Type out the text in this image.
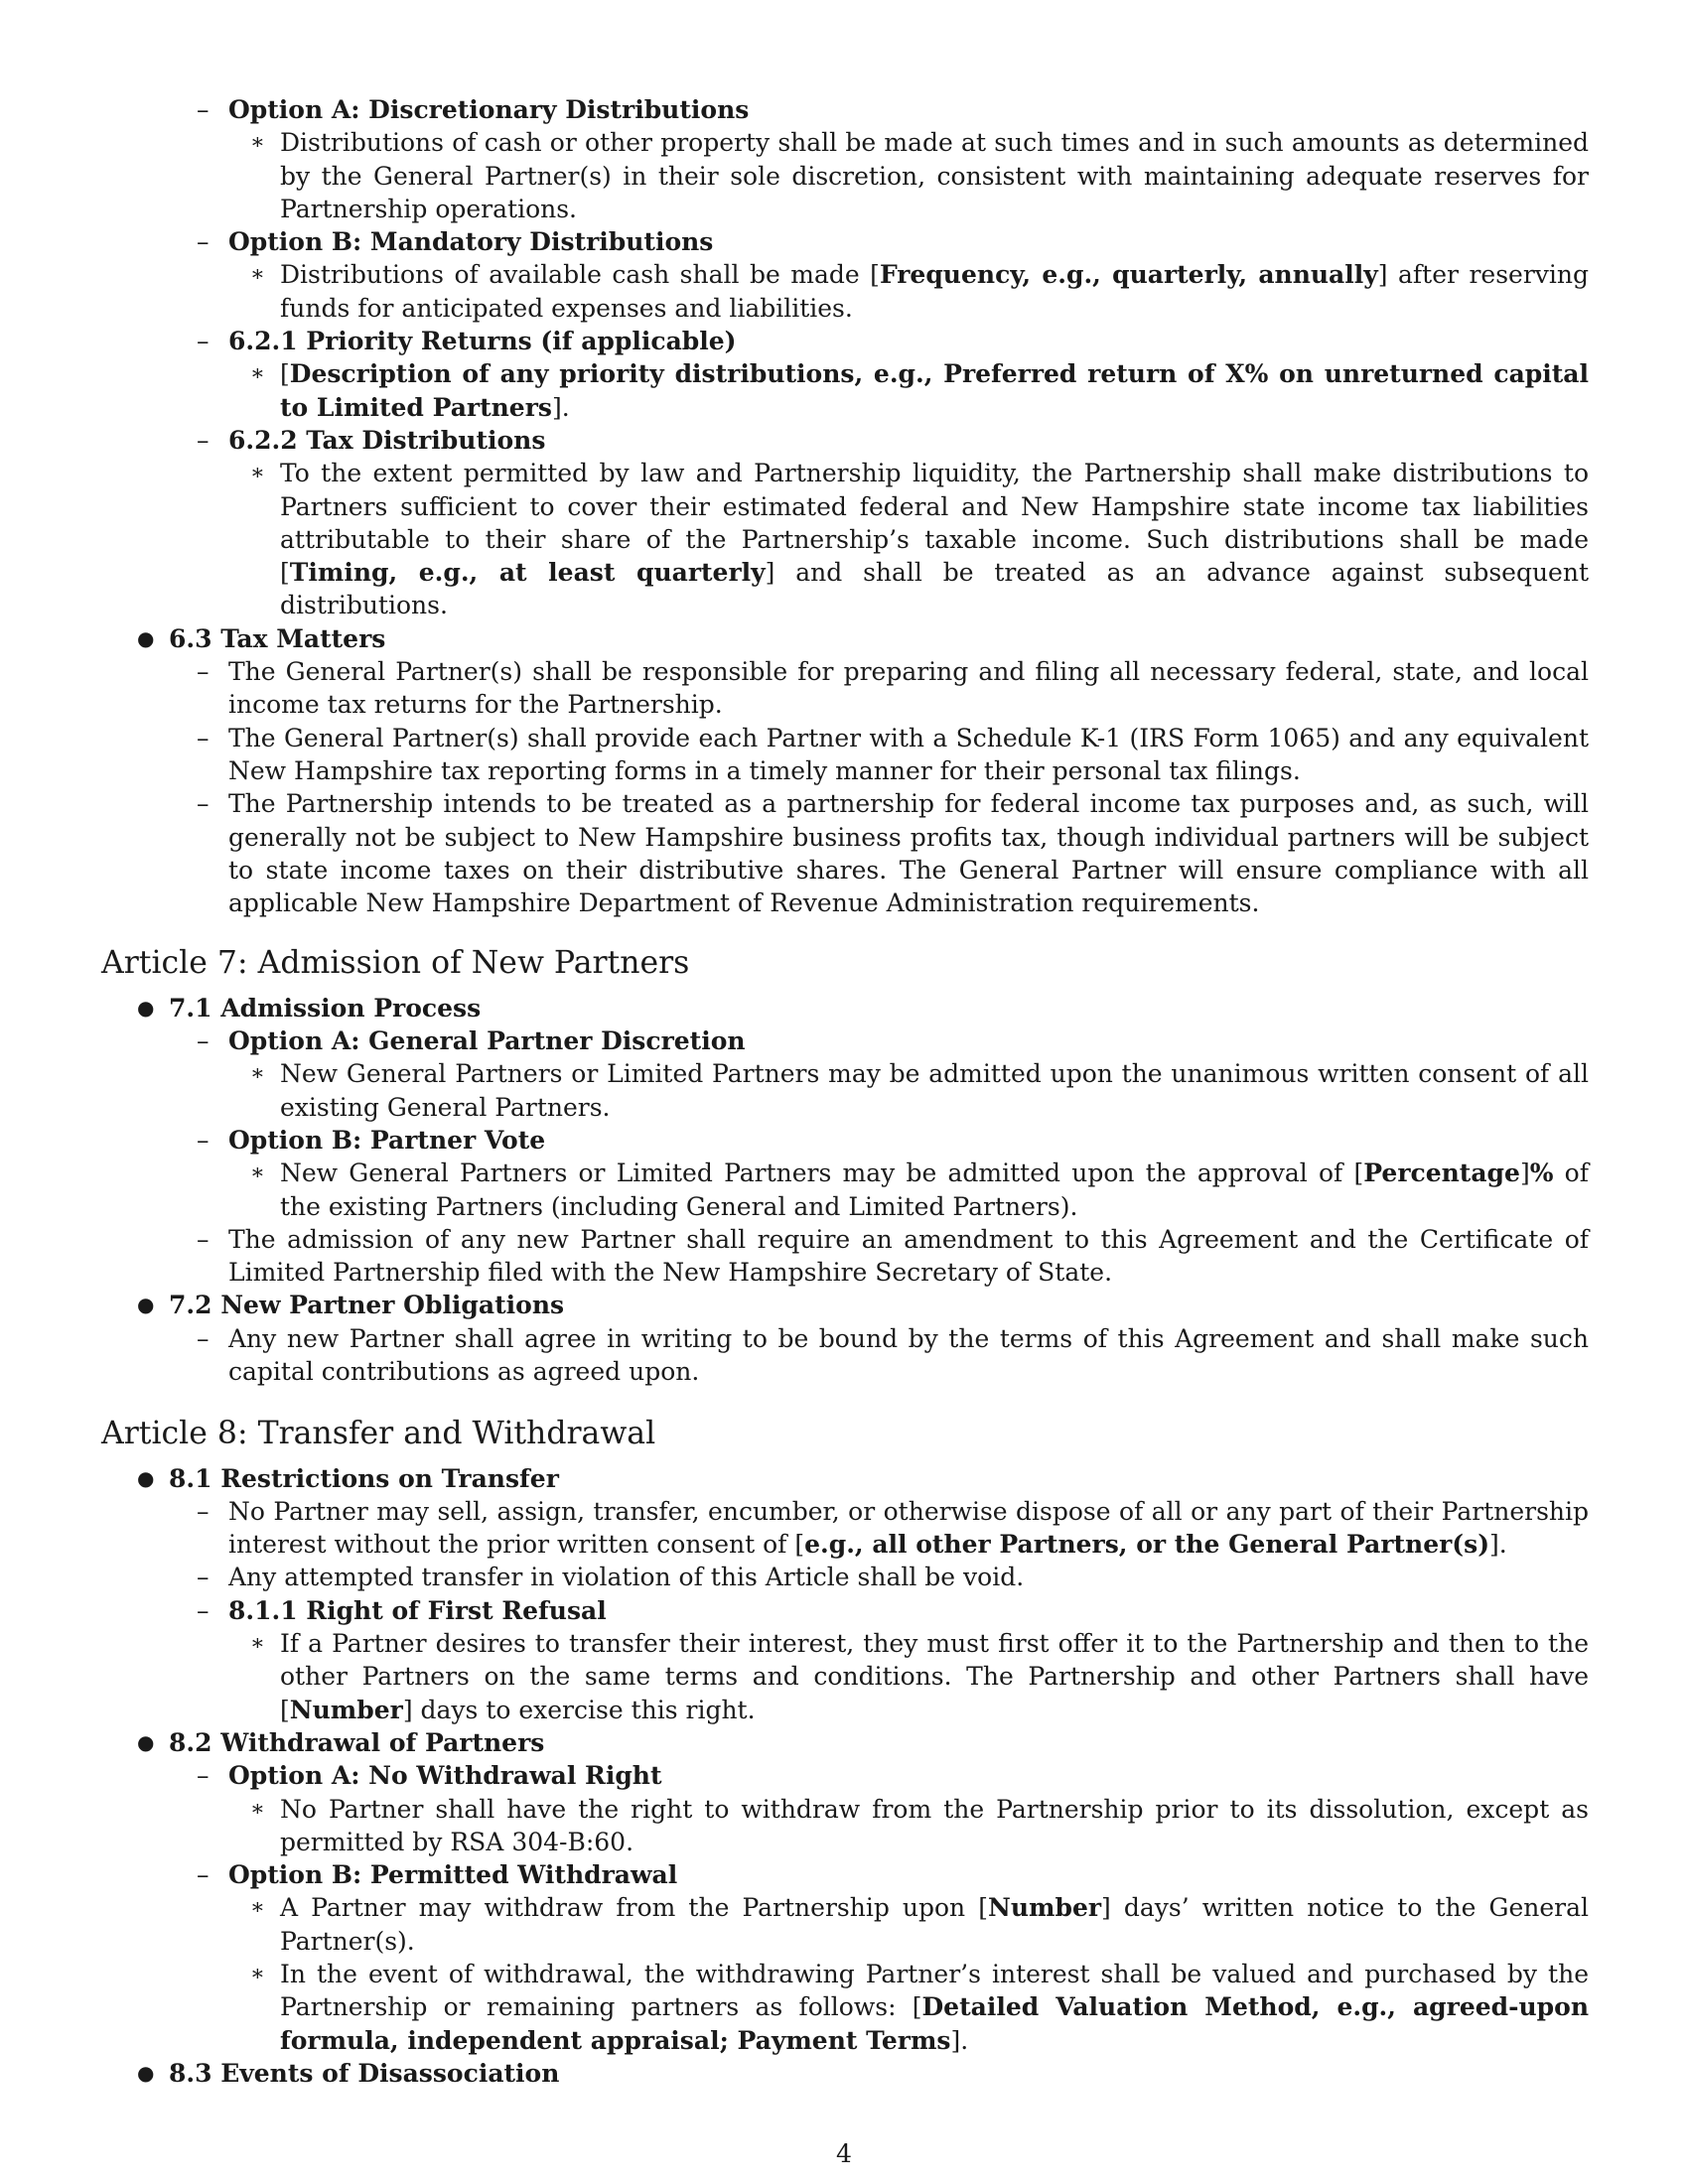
– Option A: Discretionary Distributions
∗ Distributions of cash or other property shall be made at such times and in such amounts as determined by the General Partner(s) in their sole discretion, consistent with maintaining adequate reserves for Partnership operations.
– Option B: Mandatory Distributions
∗ Distributions of available cash shall be made [Frequency, e.g., quarterly, annually] after reserving funds for anticipated expenses and liabilities.
– 6.2.1 Priority Returns (if applicable)
∗ [Description of any priority distributions, e.g., Preferred return of X% on unreturned capital to Limited Partners].
– 6.2.2 Tax Distributions
∗ To the extent permitted by law and Partnership liquidity, the Partnership shall make distributions to Partners sufficient to cover their estimated federal and New Hampshire state income tax liabilities attributable to their share of the Partnership’s taxable income. Such distributions shall be made [Timing, e.g., at least quarterly] and shall be treated as an advance against subsequent distributions.
● 6.3 Tax Matters
– The General Partner(s) shall be responsible for preparing and filing all necessary federal, state, and local income tax returns for the Partnership.
– The General Partner(s) shall provide each Partner with a Schedule K-1 (IRS Form 1065) and any equivalent New Hampshire tax reporting forms in a timely manner for their personal tax filings.
– The Partnership intends to be treated as a partnership for federal income tax purposes and, as such, will generally not be subject to New Hampshire business profits tax, though individual partners will be subject to state income taxes on their distributive shares. The General Partner will ensure compliance with all applicable New Hampshire Department of Revenue Administration requirements.
Article 7: Admission of New Partners
● 7.1 Admission Process
– Option A: General Partner Discretion
∗ New General Partners or Limited Partners may be admitted upon the unanimous written consent of all existing General Partners.
– Option B: Partner Vote
∗ New General Partners or Limited Partners may be admitted upon the approval of [Percentage]% of the existing Partners (including General and Limited Partners).
– The admission of any new Partner shall require an amendment to this Agreement and the Certificate of Limited Partnership filed with the New Hampshire Secretary of State.
● 7.2 New Partner Obligations
– Any new Partner shall agree in writing to be bound by the terms of this Agreement and shall make such capital contributions as agreed upon.
Article 8: Transfer and Withdrawal
● 8.1 Restrictions on Transfer
– No Partner may sell, assign, transfer, encumber, or otherwise dispose of all or any part of their Partnership interest without the prior written consent of [e.g., all other Partners, or the General Partner(s)].
– Any attempted transfer in violation of this Article shall be void.
– 8.1.1 Right of First Refusal
∗ If a Partner desires to transfer their interest, they must first offer it to the Partnership and then to the other Partners on the same terms and conditions. The Partnership and other Partners shall have [Number] days to exercise this right.
● 8.2 Withdrawal of Partners
– Option A: No Withdrawal Right
∗ No Partner shall have the right to withdraw from the Partnership prior to its dissolution, except as permitted by RSA 304-B:60.
– Option B: Permitted Withdrawal
∗ A Partner may withdraw from the Partnership upon [Number] days’ written notice to the General Partner(s).
∗ In the event of withdrawal, the withdrawing Partner’s interest shall be valued and purchased by the Partnership or remaining partners as follows: [Detailed Valuation Method, e.g., agreed-upon formula, independent appraisal; Payment Terms].
● 8.3 Events of Disassociation
4
